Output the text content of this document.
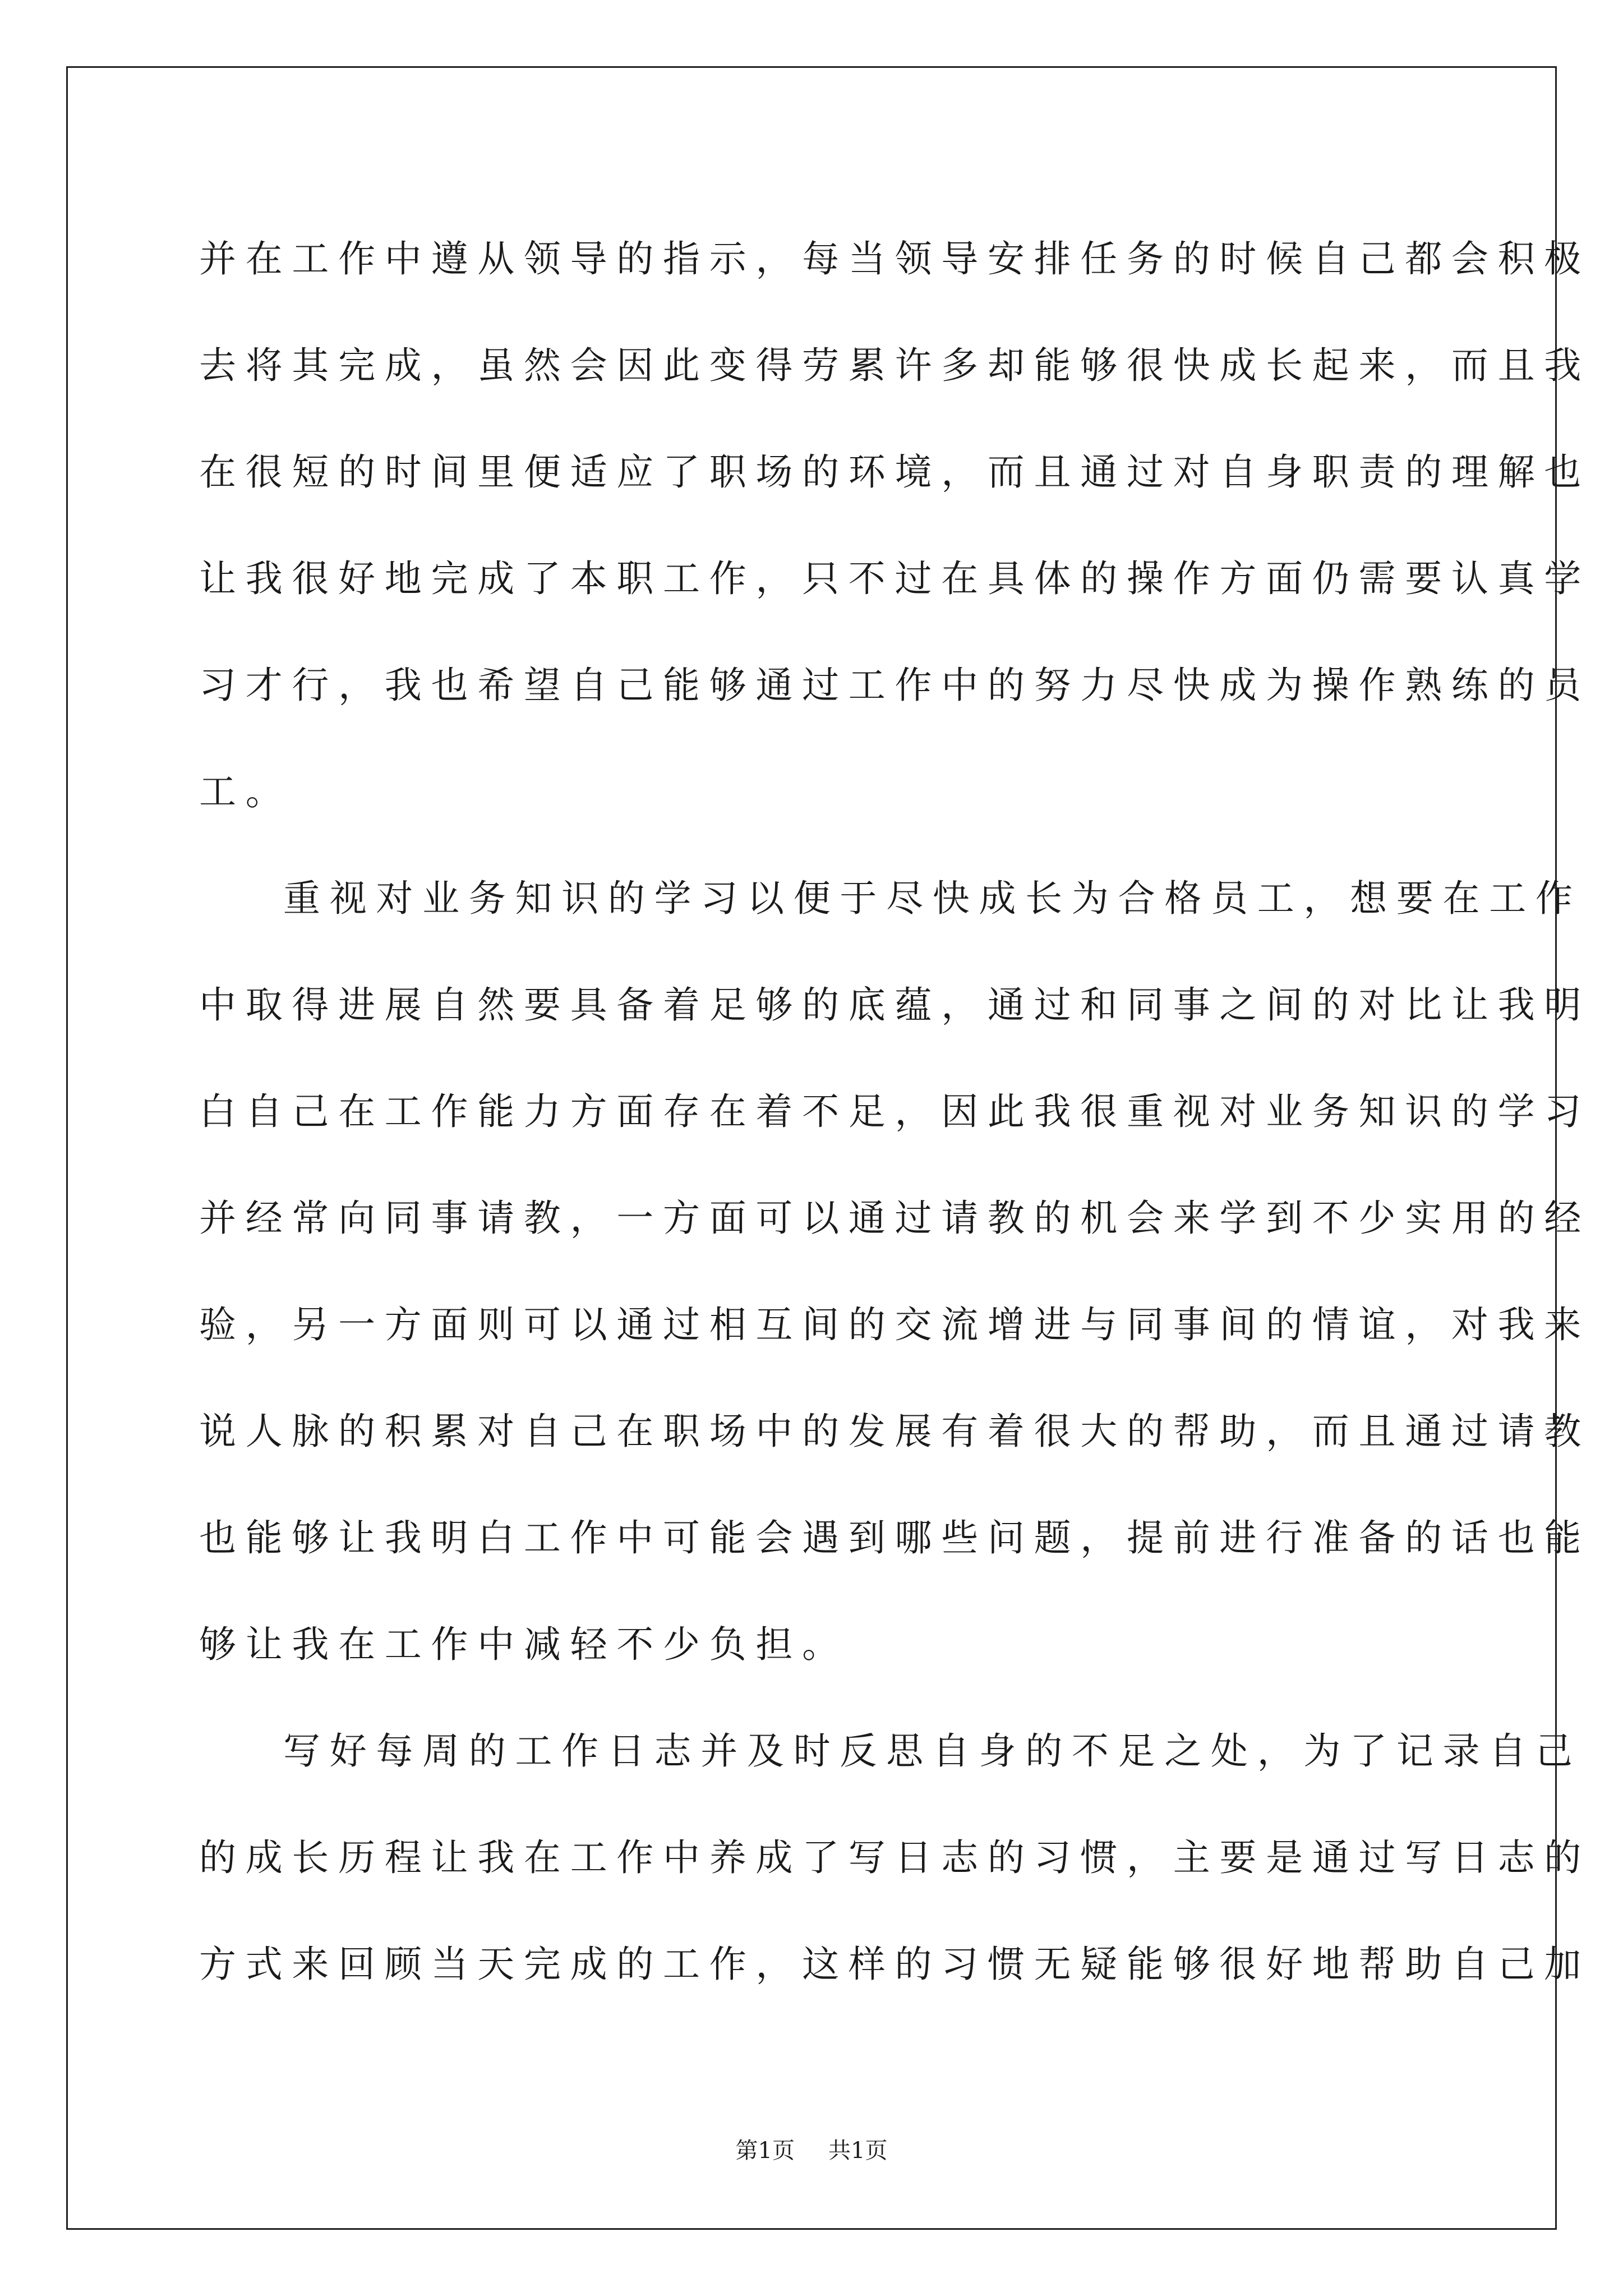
并在工作中遵从领导的指示，每当领导安排任务的时候自己都会积极
去将其完成，虽然会因此变得劳累许多却能够很快成长起来，而且我
在很短的时间里便适应了职场的环境，而且通过对自身职责的理解也
让我很好地完成了本职工作，只不过在具体的操作方面仍需要认真学
习才行，我也希望自己能够通过工作中的努力尽快成为操作熟练的员
工。
重视对业务知识的学习以便于尽快成长为合格员工，想要在工作
中取得进展自然要具备着足够的底蕴，通过和同事之间的对比让我明
白自己在工作能力方面存在着不足，因此我很重视对业务知识的学习
并经常向同事请教，一方面可以通过请教的机会来学到不少实用的经
验，另一方面则可以通过相互间的交流增进与同事间的情谊，对我来
说人脉的积累对自己在职场中的发展有着很大的帮助，而且通过请教
也能够让我明白工作中可能会遇到哪些问题，提前进行准备的话也能
够让我在工作中减轻不少负担。
写好每周的工作日志并及时反思自身的不足之处，为了记录自己
的成长历程让我在工作中养成了写日志的习惯，主要是通过写日志的
方式来回顾当天完成的工作，这样的习惯无疑能够很好地帮助自己加
第1页 共1页
